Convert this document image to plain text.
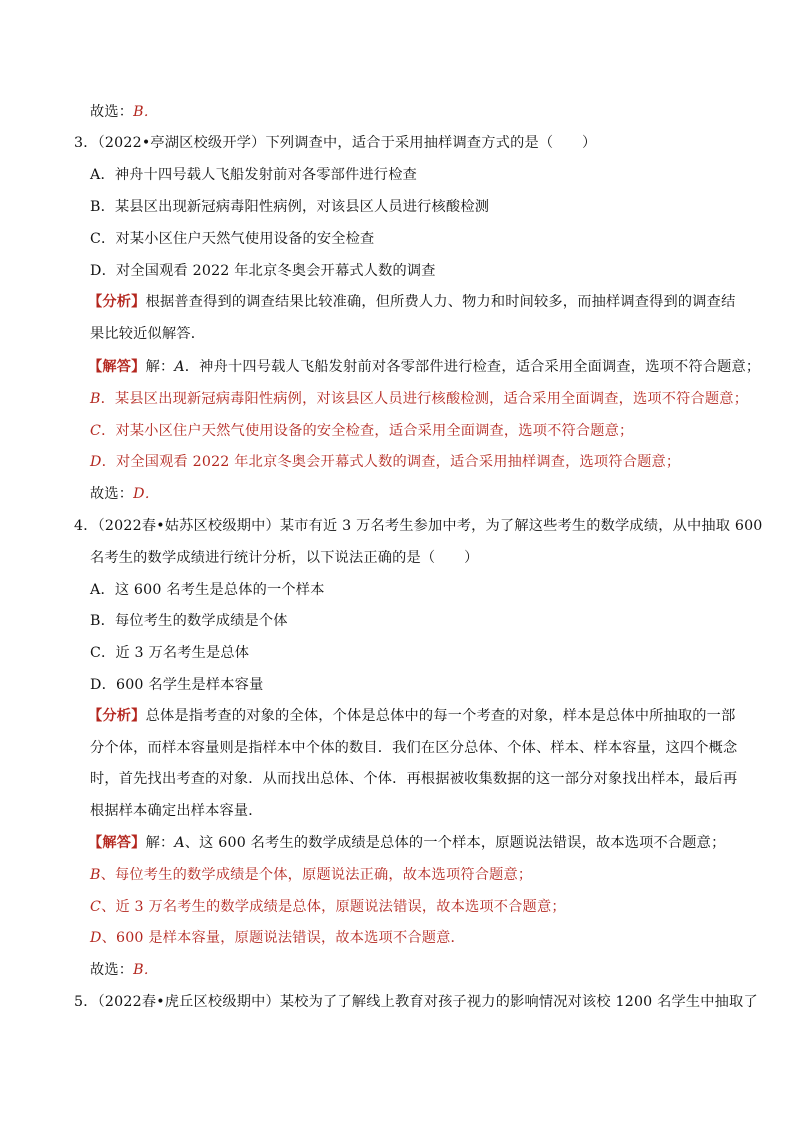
故选：B．
3．（2022•亭湖区校级开学）下列调查中，适合于采用抽样调查方式的是（　　）
A．神舟十四号载人飞船发射前对各零部件进行检查
B．某县区出现新冠病毒阳性病例，对该县区人员进行核酸检测
C．对某小区住户天然气使用设备的安全检查
D．对全国观看 2022 年北京冬奥会开幕式人数的调查
【分析】根据普查得到的调查结果比较准确，但所费人力、物力和时间较多，而抽样调查得到的调查结
果比较近似解答．
【解答】解：A．神舟十四号载人飞船发射前对各零部件进行检查，适合采用全面调查，选项不符合题意；
B．某县区出现新冠病毒阳性病例，对该县区人员进行核酸检测，适合采用全面调查，选项不符合题意；
C．对某小区住户天然气使用设备的安全检查，适合采用全面调查，选项不符合题意；
D．对全国观看 2022 年北京冬奥会开幕式人数的调查，适合采用抽样调查，选项符合题意；
故选：D．
4．（2022春•姑苏区校级期中）某市有近 3 万名考生参加中考，为了解这些考生的数学成绩，从中抽取 600
名考生的数学成绩进行统计分析，以下说法正确的是（　　）
A．这 600 名考生是总体的一个样本
B．每位考生的数学成绩是个体
C．近 3 万名考生是总体
D．600 名学生是样本容量
【分析】总体是指考查的对象的全体，个体是总体中的每一个考查的对象，样本是总体中所抽取的一部
分个体，而样本容量则是指样本中个体的数目．我们在区分总体、个体、样本、样本容量，这四个概念
时，首先找出考查的对象．从而找出总体、个体．再根据被收集数据的这一部分对象找出样本，最后再
根据样本确定出样本容量．
【解答】解：A、这 600 名考生的数学成绩是总体的一个样本，原题说法错误，故本选项不合题意；
B、每位考生的数学成绩是个体，原题说法正确，故本选项符合题意；
C、近 3 万名考生的数学成绩是总体，原题说法错误，故本选项不合题意；
D、600 是样本容量，原题说法错误，故本选项不合题意．
故选：B．
5．（2022春•虎丘区校级期中）某校为了了解线上教育对孩子视力的影响情况对该校 1200 名学生中抽取了
